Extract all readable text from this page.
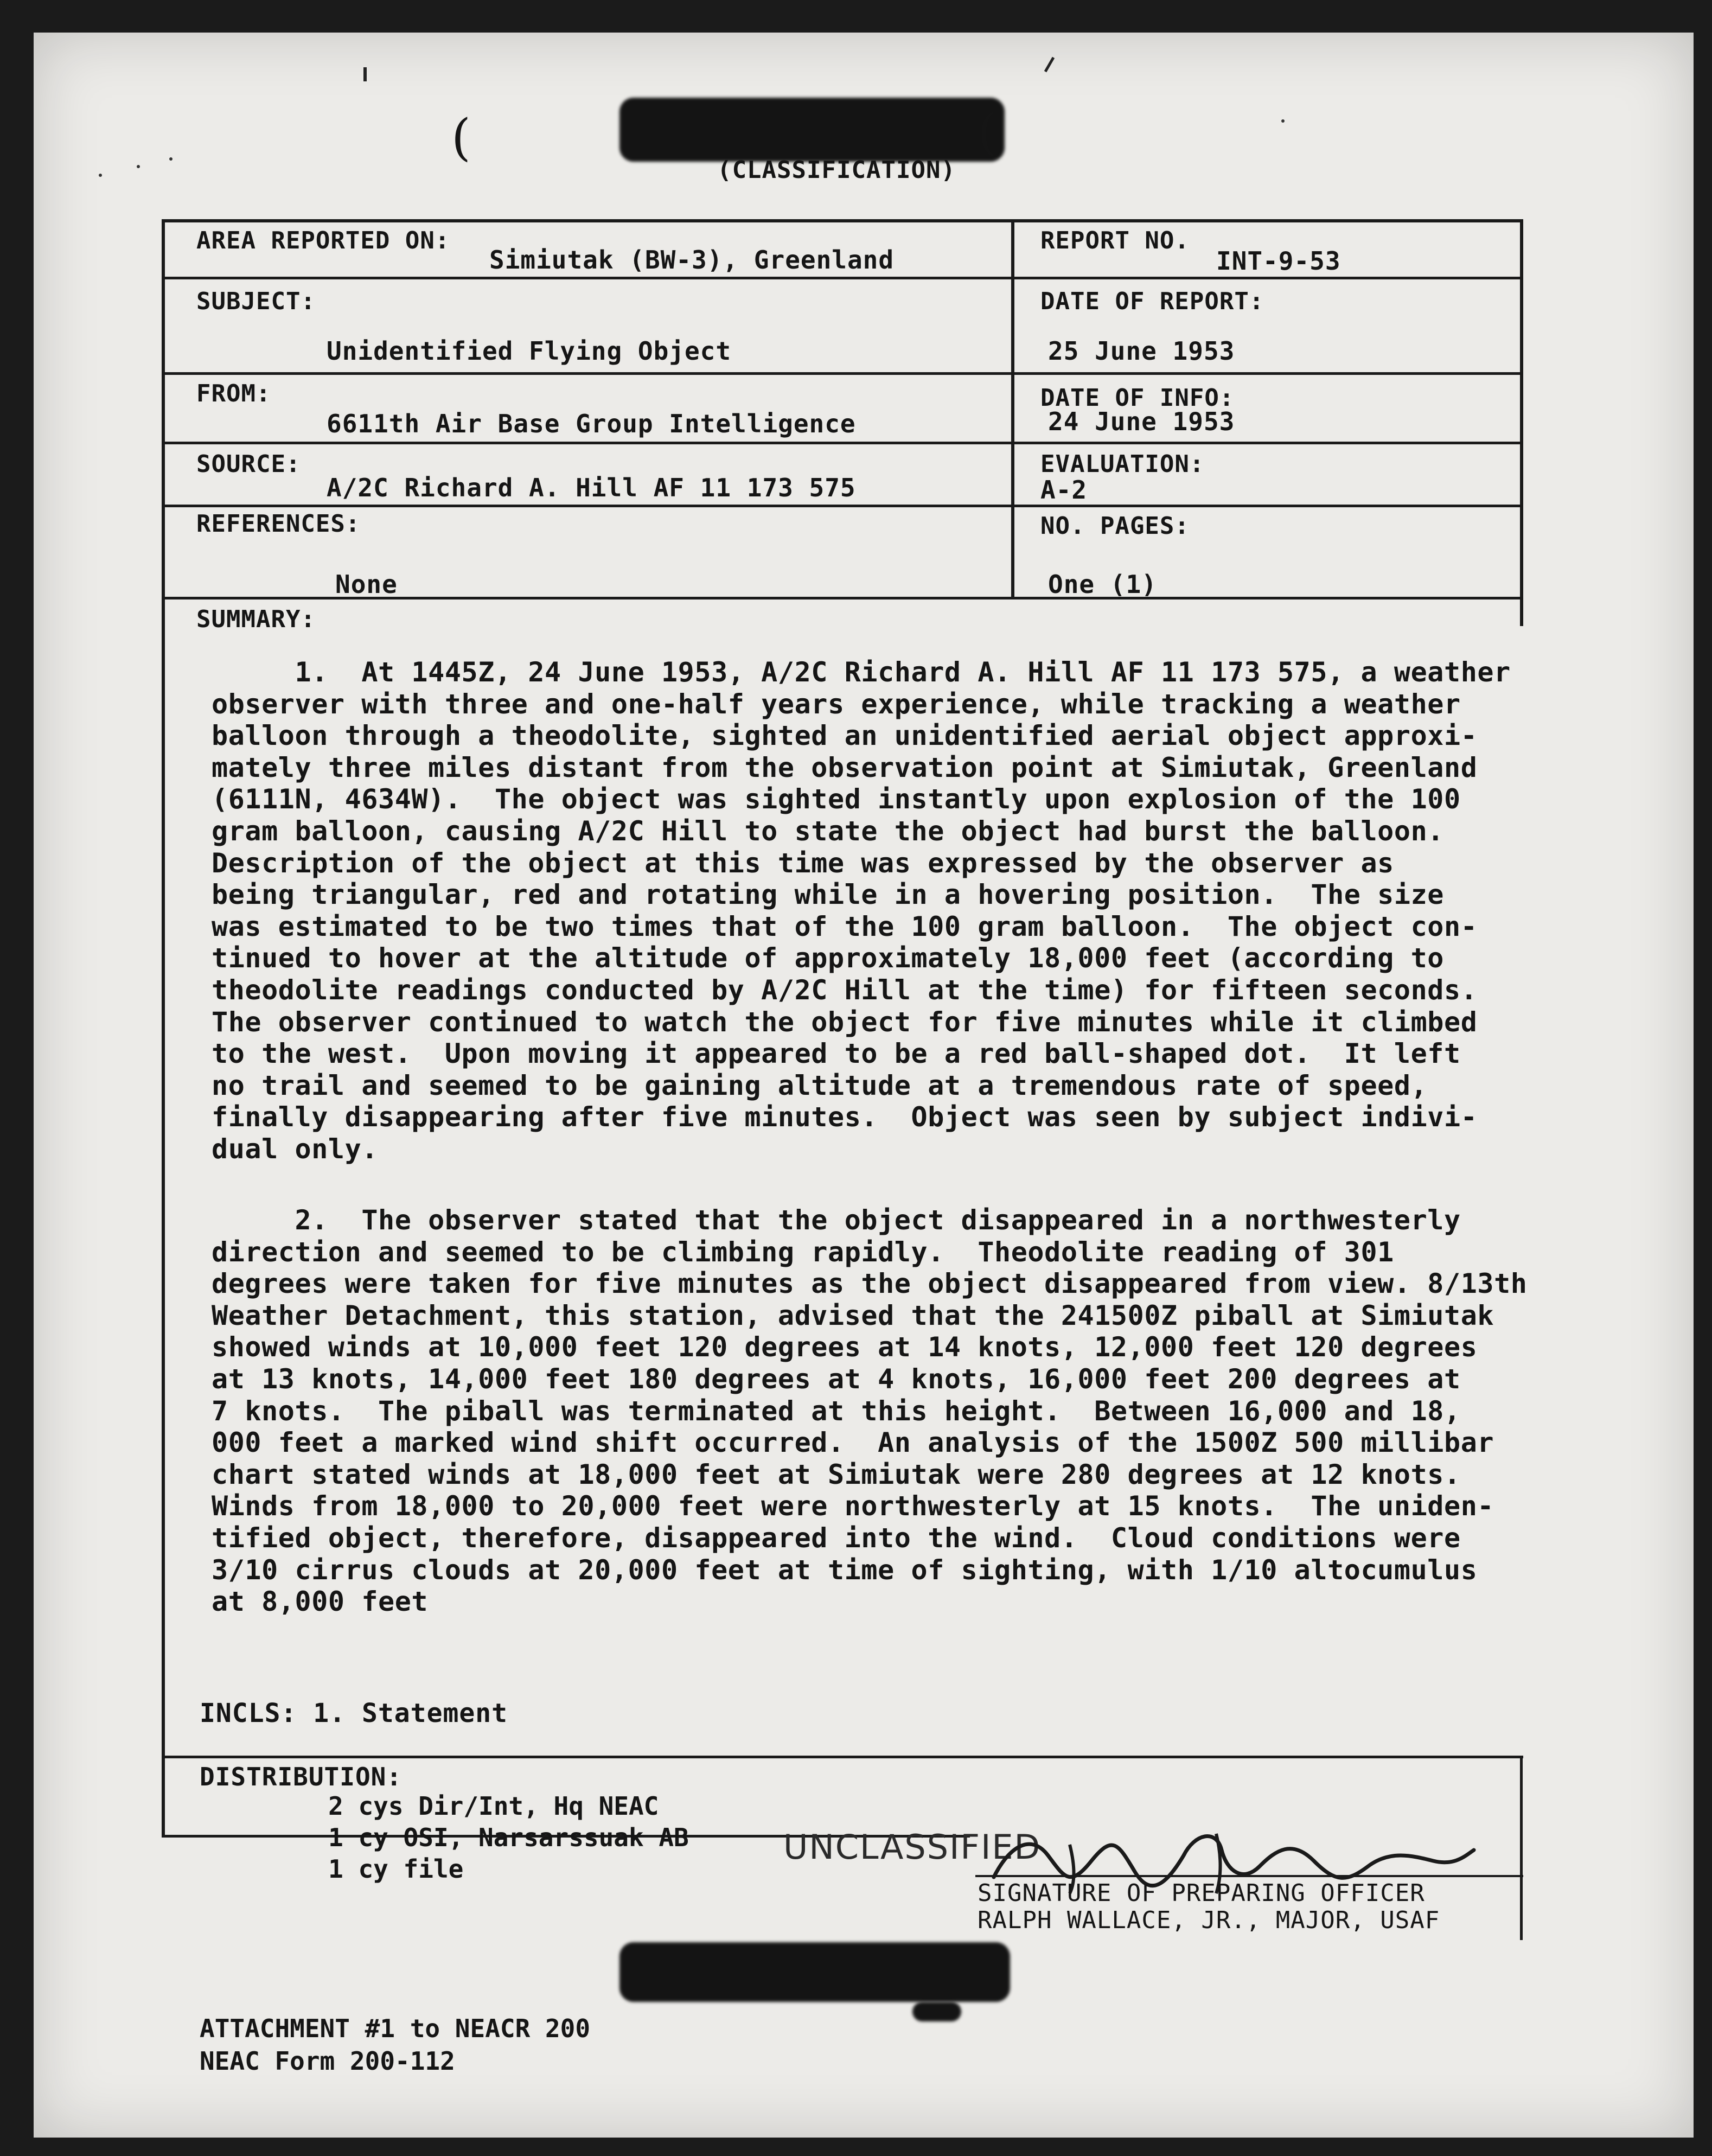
(	(
(CLASSIFICATION)
AREA REPORTED ON:
Simiutak (BW-3), Greenland
REPORT NO.
INT-9-53
SUBJECT:
Unidentified Flying Object
DATE OF REPORT:
25 June 1953
FROM:
6611th Air Base Group Intelligence
DATE OF INFO:
24 June 1953
SOURCE:
A/2C Richard A. Hill AF 11 173 575
EVALUATION:
A-2
REFERENCES:
None
NO. PAGES:
One (1)
SUMMARY:
1.  At 1445Z, 24 June 1953, A/2C Richard A. Hill AF 11 173 575, a weather
observer with three and one-half years experience, while tracking a weather
balloon through a theodolite, sighted an unidentified aerial object approxi-
mately three miles distant from the observation point at Simiutak, Greenland
(6111N, 4634W).  The object was sighted instantly upon explosion of the 100
gram balloon, causing A/2C Hill to state the object had burst the balloon.
Description of the object at this time was expressed by the observer as
being triangular, red and rotating while in a hovering position.  The size
was estimated to be two times that of the 100 gram balloon.  The object con-
tinued to hover at the altitude of approximately 18,000 feet (according to
theodolite readings conducted by A/2C Hill at the time) for fifteen seconds.
The observer continued to watch the object for five minutes while it climbed
to the west.  Upon moving it appeared to be a red ball-shaped dot.  It left
no trail and seemed to be gaining altitude at a tremendous rate of speed,
finally disappearing after five minutes.  Object was seen by subject indivi-
dual only.
2.  The observer stated that the object disappeared in a northwesterly
direction and seemed to be climbing rapidly.  Theodolite reading of 301
degrees were taken for five minutes as the object disappeared from view. 8/13th
Weather Detachment, this station, advised that the 241500Z piball at Simiutak
showed winds at 10,000 feet 120 degrees at 14 knots, 12,000 feet 120 degrees
at 13 knots, 14,000 feet 180 degrees at 4 knots, 16,000 feet 200 degrees at
7 knots.  The piball was terminated at this height.  Between 16,000 and 18,
000 feet a marked wind shift occurred.  An analysis of the 1500Z 500 millibar
chart stated winds at 18,000 feet at Simiutak were 280 degrees at 12 knots.
Winds from 18,000 to 20,000 feet were northwesterly at 15 knots.  The uniden-
tified object, therefore, disappeared into the wind.  Cloud conditions were
3/10 cirrus clouds at 20,000 feet at time of sighting, with 1/10 altocumulus
at 8,000 feet
INCLS: 1. Statement
DISTRIBUTION:
2 cys Dir/Int, Hq NEAC
1 cy OSI, Narsarssuak AB
1 cy file
UNCLASSIFIED
SIGNATURE OF PREPARING OFFICER
RALPH WALLACE, JR., MAJOR, USAF
ATTACHMENT #1 to NEACR 200
NEAC Form 200-112
